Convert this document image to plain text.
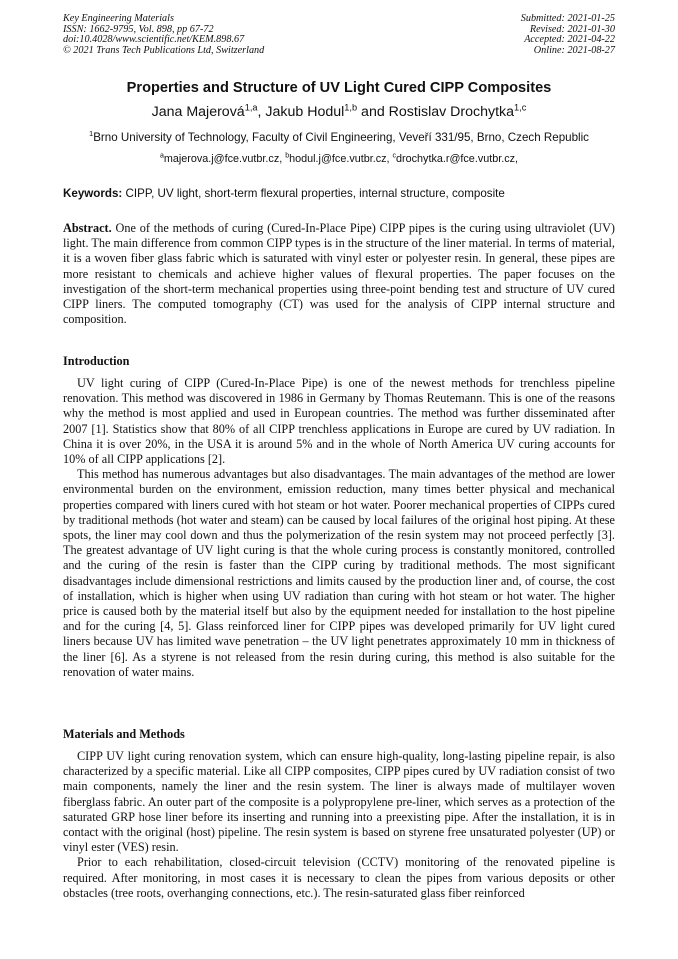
Key Engineering Materials
ISSN: 1662-9795, Vol. 898, pp 67-72
doi:10.4028/www.scientific.net/KEM.898.67
© 2021 Trans Tech Publications Ltd, Switzerland
Submitted: 2021-01-25
Revised: 2021-01-30
Accepted: 2021-04-22
Online: 2021-08-27
Properties and Structure of UV Light Cured CIPP Composites
Jana Majerová$^{1,a}$, Jakub Hodul$^{1,b}$ and Rostislav Drochytka$^{1,c}$
$^1$Brno University of Technology, Faculty of Civil Engineering, Veveří 331/95, Brno, Czech Republic
$^a$majerova.j@fce.vutbr.cz, $^b$hodul.j@fce.vutbr.cz, $^c$drochytka.r@fce.vutbr.cz,
Keywords: CIPP, UV light, short-term flexural properties, internal structure, composite

Abstract. One of the methods of curing (Cured-In-Place Pipe) CIPP pipes is the curing using ultraviolet (UV) light. The main difference from common CIPP types is in the structure of the liner material. In terms of material, it is a woven fiber glass fabric which is saturated with vinyl ester or polyester resin. In general, these pipes are more resistant to chemicals and achieve higher values of flexural properties. The paper focuses on the investigation of the short-term mechanical properties using three-point bending test and structure of UV cured CIPP liners. The computed tomography (CT) was used for the analysis of CIPP internal structure and composition.

Introduction

UV light curing of CIPP (Cured-In-Place Pipe) is one of the newest methods for trenchless pipeline renovation. This method was discovered in 1986 in Germany by Thomas Reutemann. This is one of the reasons why the method is most applied and used in European countries. The method was further disseminated after 2007 [1]. Statistics show that 80% of all CIPP trenchless applications in Europe are cured by UV radiation. In China it is over 20%, in the USA it is around 5% and in the whole of North America UV curing accounts for 10% of all CIPP applications [2].

This method has numerous advantages but also disadvantages. The main advantages of the method are lower environmental burden on the environment, emission reduction, many times better physical and mechanical properties compared with liners cured with hot steam or hot water. Poorer mechanical properties of CIPPs cured by traditional methods (hot water and steam) can be caused by local failures of the original host piping. At these spots, the liner may cool down and thus the polymerization of the resin system may not proceed perfectly [3]. The greatest advantage of UV light curing is that the whole curing process is constantly monitored, controlled and the curing of the resin is faster than the CIPP curing by traditional methods. The most significant disadvantages include dimensional restrictions and limits caused by the production liner and, of course, the cost of installation, which is higher when using UV radiation than curing with hot steam or hot water. The higher price is caused both by the material itself but also by the equipment needed for installation to the host pipeline and for the curing [4, 5]. Glass reinforced liner for CIPP pipes was developed primarily for UV light cured liners because UV has limited wave penetration – the UV light penetrates approximately 10 mm in thickness of the liner [6]. As a styrene is not released from the resin during curing, this method is also suitable for the renovation of water mains.

Materials and Methods

CIPP UV light curing renovation system, which can ensure high-quality, long-lasting pipeline repair, is also characterized by a specific material. Like all CIPP composites, CIPP pipes cured by UV radiation consist of two main components, namely the liner and the resin system. The liner is always made of multilayer woven fiberglass fabric. An outer part of the composite is a polypropylene pre-liner, which serves as a protection of the saturated GRP hose liner before its inserting and running into a preexisting pipe. After the installation, it is in contact with the original (host) pipeline. The resin system is based on styrene free unsaturated polyester (UP) or vinyl ester (VES) resin.

Prior to each rehabilitation, closed-circuit television (CCTV) monitoring of the renovated pipeline is required. After monitoring, in most cases it is necessary to clean the pipes from various deposits or other obstacles (tree roots, overhanging connections, etc.). The resin-saturated glass fiber reinforced
